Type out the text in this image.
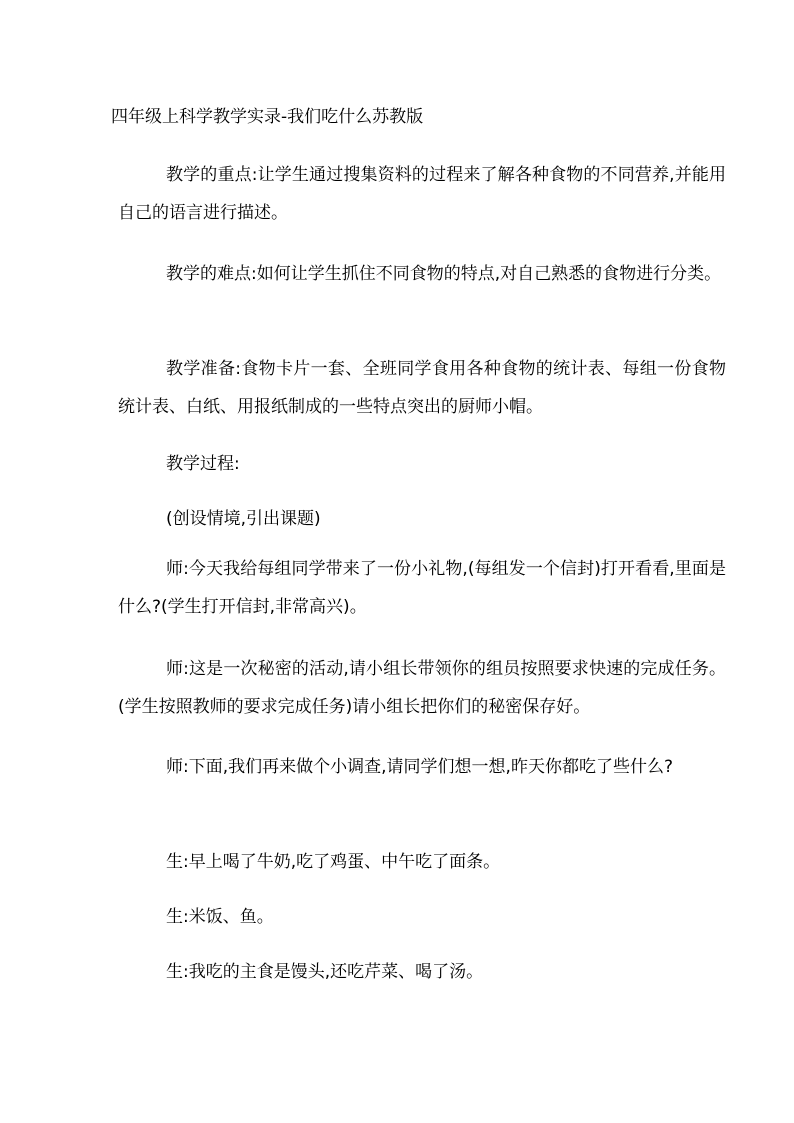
四年级上科学教学实录-我们吃什么苏教版

教学的重点:让学生通过搜集资料的过程来了解各种食物的不同营养,并能用自己的语言进行描述。

教学的难点:如何让学生抓住不同食物的特点,对自己熟悉的食物进行分类。

教学准备:食物卡片一套、全班同学食用各种食物的统计表、每组一份食物统计表、白纸、用报纸制成的一些特点突出的厨师小帽。

教学过程:

(创设情境,引出课题)

师:今天我给每组同学带来了一份小礼物,(每组发一个信封)打开看看,里面是什么?(学生打开信封,非常高兴)。

师:这是一次秘密的活动,请小组长带领你的组员按照要求快速的完成任务。(学生按照教师的要求完成任务)请小组长把你们的秘密保存好。

师:下面,我们再来做个小调查,请同学们想一想,昨天你都吃了些什么?

生:早上喝了牛奶,吃了鸡蛋、中午吃了面条。

生:米饭、鱼。

生:我吃的主食是馒头,还吃芹菜、喝了汤。
